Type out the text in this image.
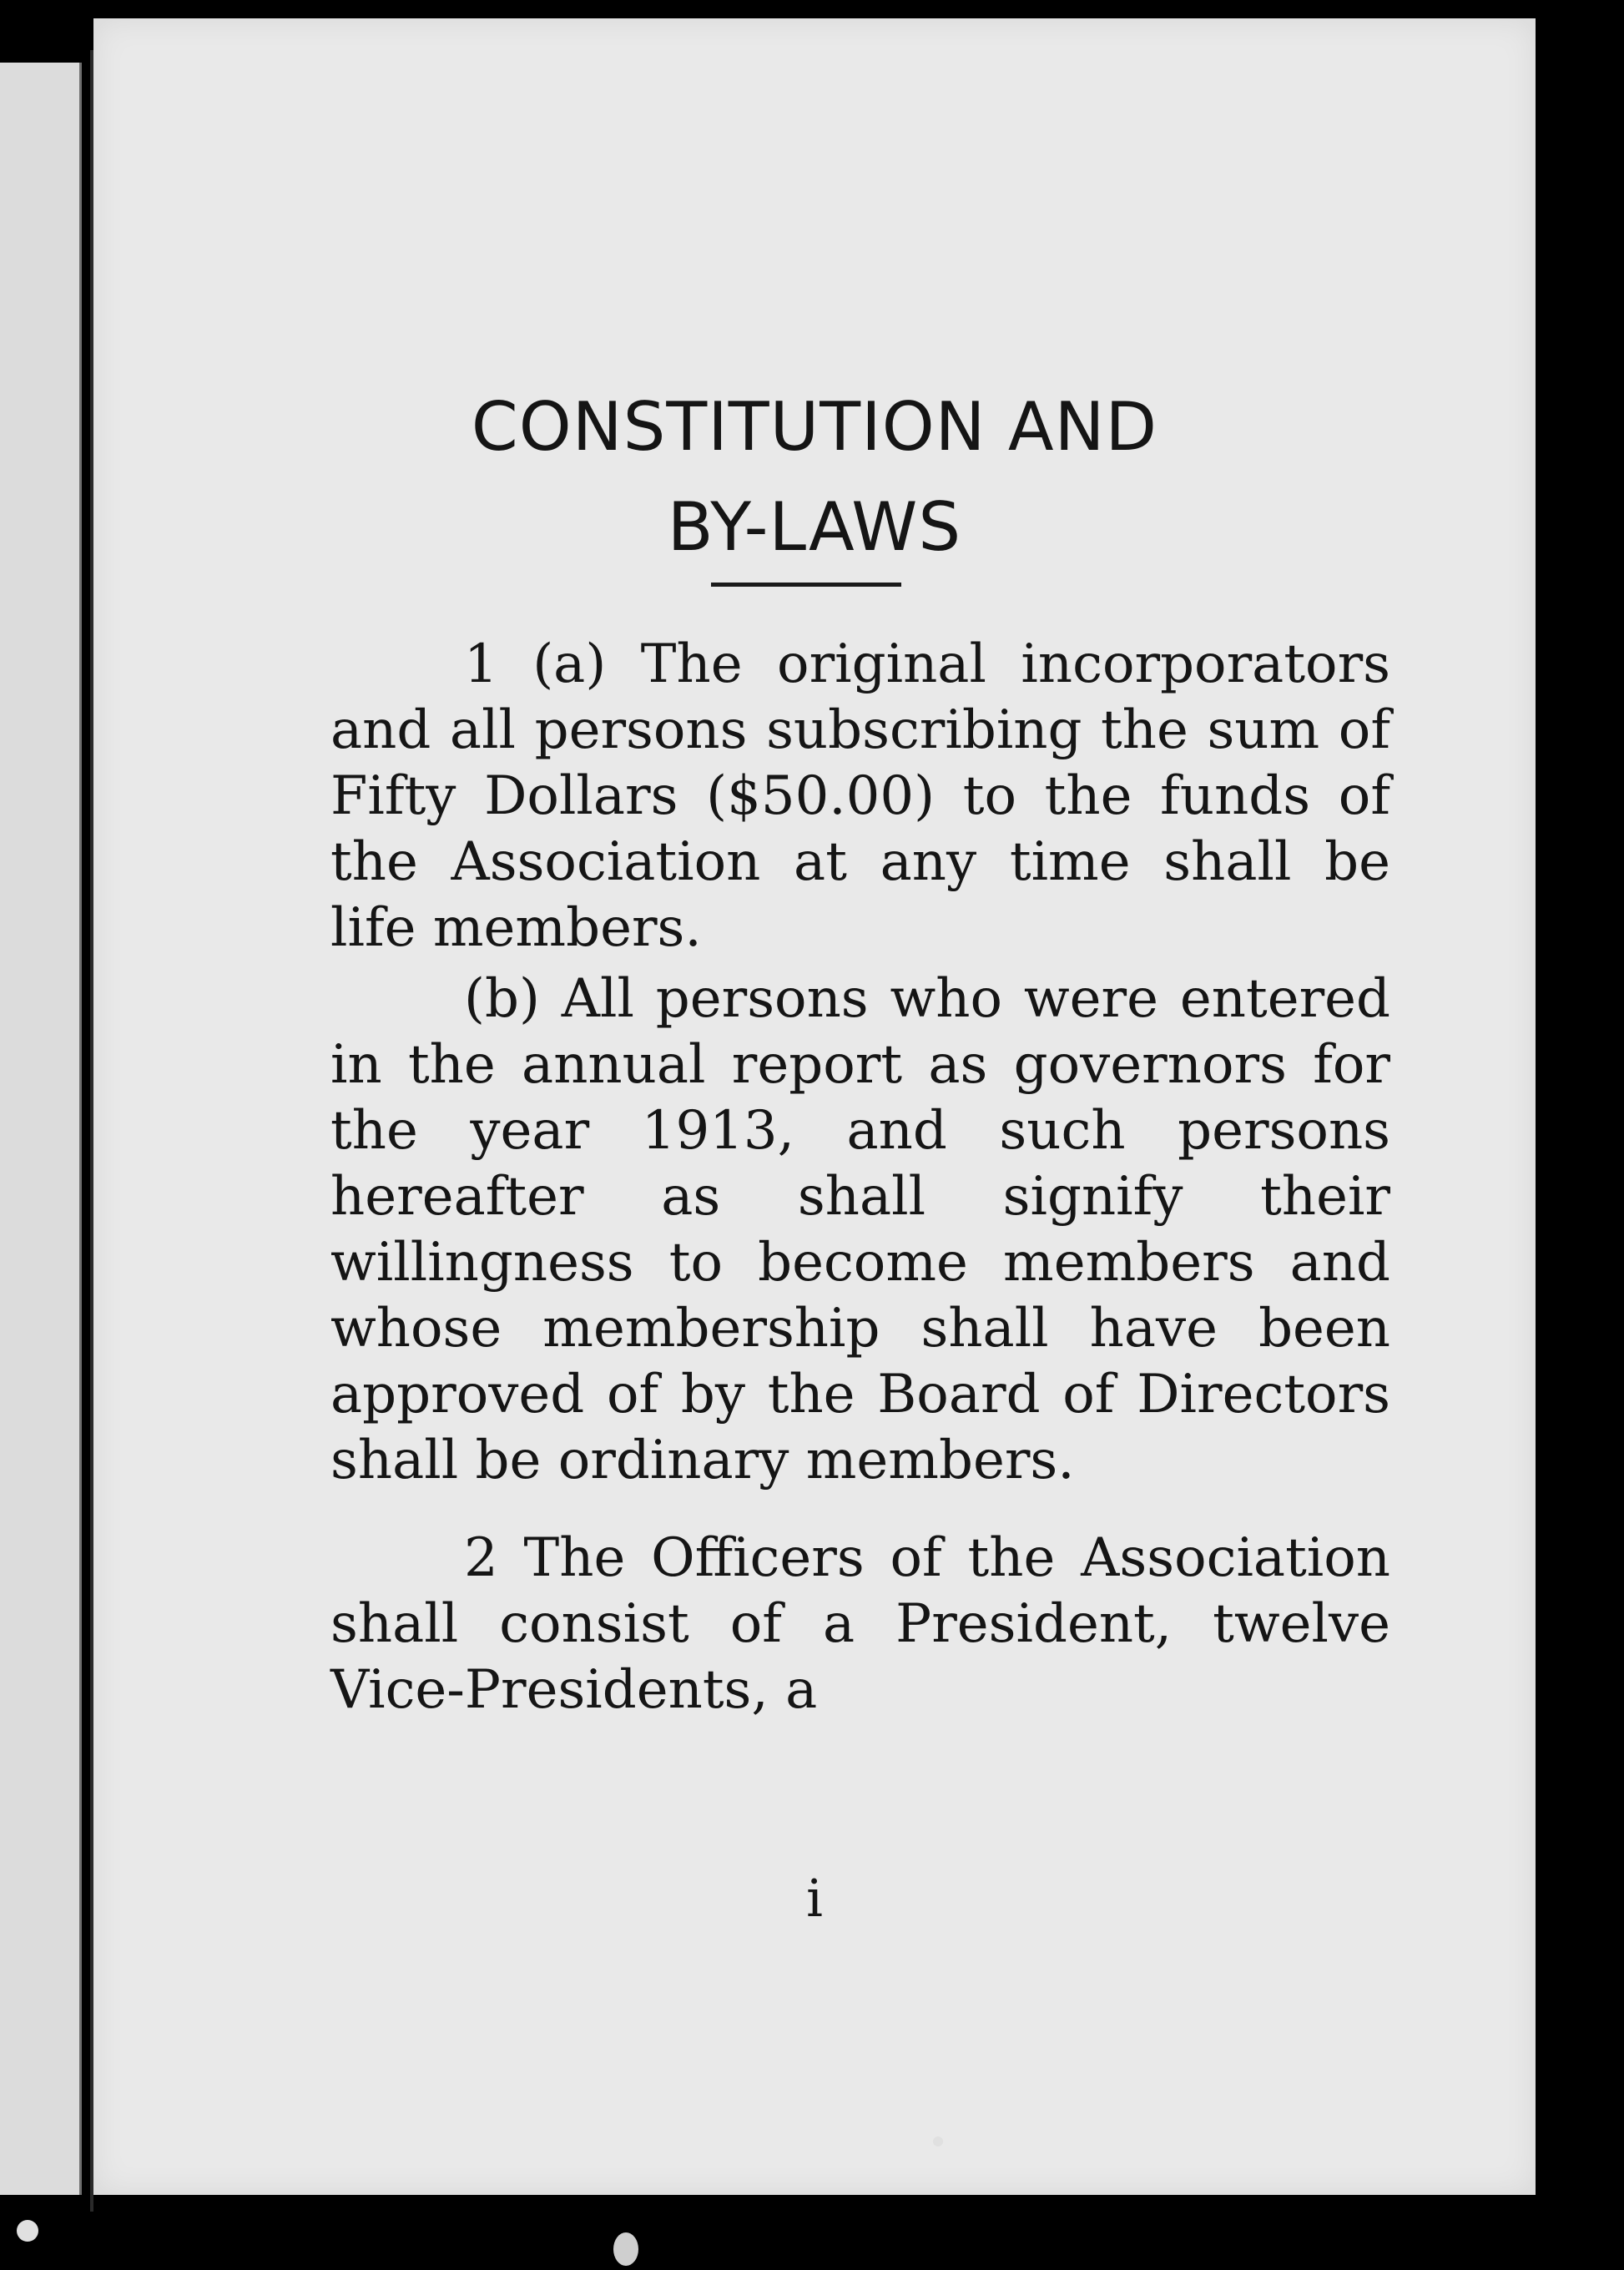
CONSTITUTION AND
BY-LAWS

1 (a) The original incorporators and all persons subscribing the sum of Fifty Dollars ($50.00) to the funds of the Association at any time shall be life members.

(b) All persons who were entered in the annual report as governors for the year 1913, and such persons hereafter as shall signify their willingness to become members and whose membership shall have been approved of by the Board of Directors shall be ordinary members.

2 The Officers of the Association shall consist of a President, twelve Vice-Presidents, a

i
